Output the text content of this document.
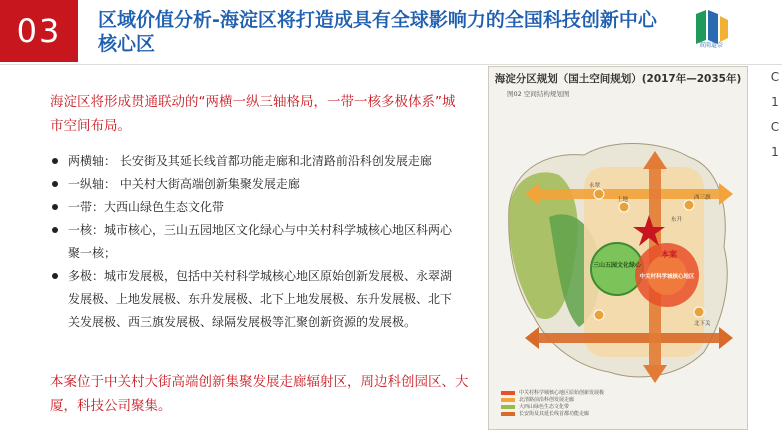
03 区域价值分析-海淀区将打造成具有全球影响力的全国科技创新中心
核心区	双雨道奈
C
1
C
1
海淀区将形成贯通联动的“两横一纵三轴格局，一带一核多极体系”城市空间布局。
两横轴： 长安街及其延长线首都功能走廊和北清路前沿科创发展走廊
一纵轴： 中关村大街高端创新集聚发展走廊
一带：大西山绿色生态文化带
一核：城市核心，三山五园地区文化绿心与中关村科学城核心地区科两心聚一核；
多极：城市发展极，包括中关村科学城核心地区原始创新发展极、永翠湖发展极、上地发展极、东升发展极、北下上地发展极、东升发展极、北下关发展极、西三旗发展极、绿隔发展极等汇聚创新资源的发展极。
本案位于中关村大街高端创新集聚发展走廊辐射区，周边科创园区、大厦，科技公司聚集。
海淀分区规划（国土空间规划）(2017年—2035年)
图02 空间结构规划图
三山五园文化绿心
中关村科学城核心地区
本案
西三旗
北下关
永翠
上地
东升
中关村科学城核心地区原始创新发展极
北清路前沿科创发展走廊
大西山绿色生态文化带
长安街及其延长线首都功能走廊
